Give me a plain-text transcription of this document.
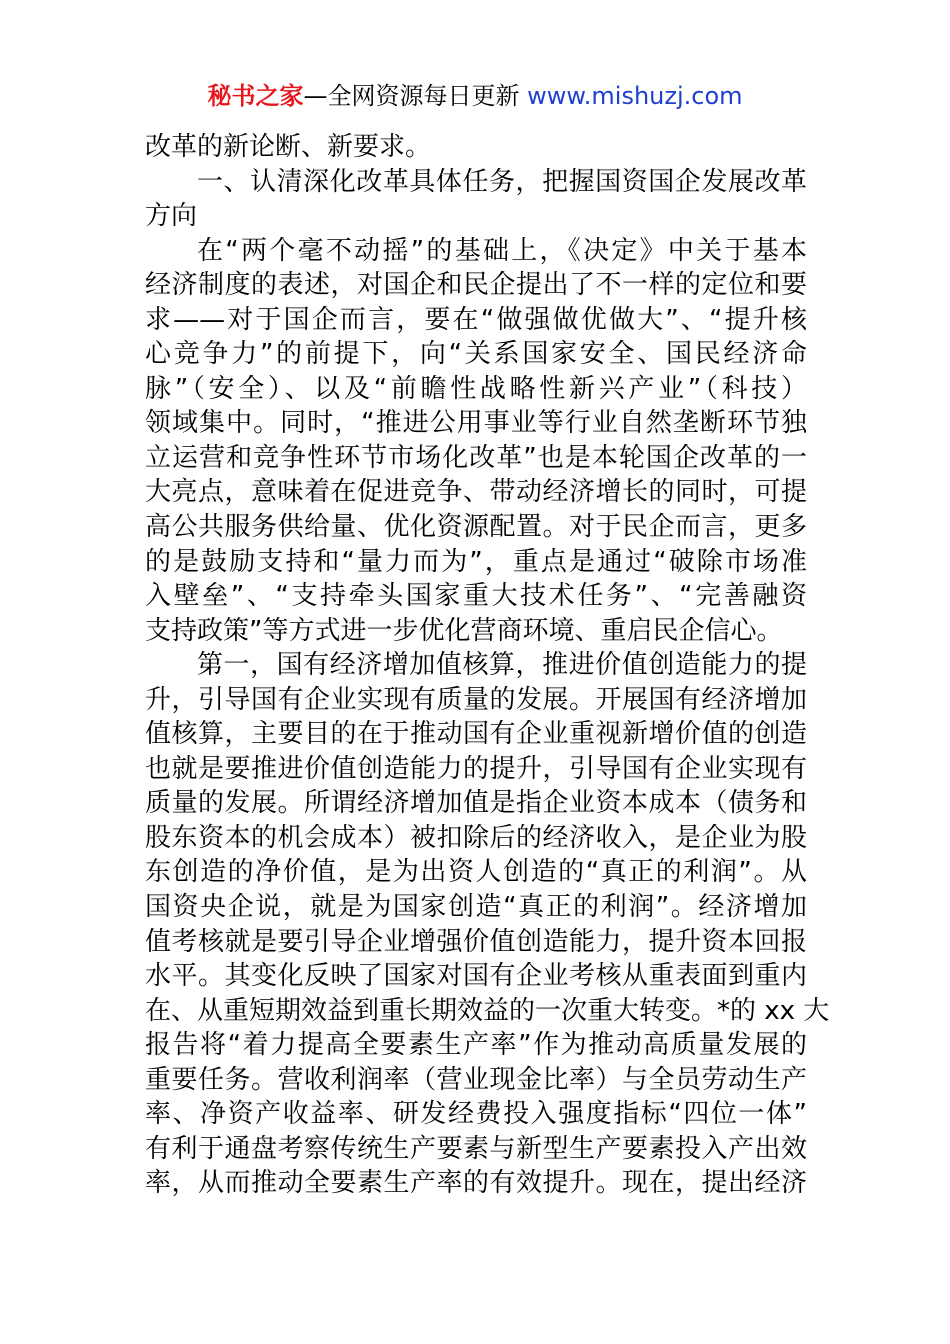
秘书之家—全网资源每日更新 www.mishuzj.com
改革的新论断、新要求。
一、认清深化改革具体任务，把握国资国企发展改革
方向
在“两个毫不动摇”的基础上，《决定》中关于基本
经济制度的表述，对国企和民企提出了不一样的定位和要
求——对于国企而言，要在“做强做优做大”、“提升核
心竞争力”的前提下，向“关系国家安全、国民经济命
脉”（安全）、以及“前瞻性战略性新兴产业”（科技）
领域集中。同时，“推进公用事业等行业自然垄断环节独
立运营和竞争性环节市场化改革”也是本轮国企改革的一
大亮点，意味着在促进竞争、带动经济增长的同时，可提
高公共服务供给量、优化资源配置。对于民企而言，更多
的是鼓励支持和“量力而为”，重点是通过“破除市场准
入壁垒”、“支持牵头国家重大技术任务”、“完善融资
支持政策”等方式进一步优化营商环境、重启民企信心。
第一，国有经济增加值核算，推进价值创造能力的提
升，引导国有企业实现有质量的发展。开展国有经济增加
值核算，主要目的在于推动国有企业重视新增价值的创造
也就是要推进价值创造能力的提升，引导国有企业实现有
质量的发展。所谓经济增加值是指企业资本成本（债务和
股东资本的机会成本）被扣除后的经济收入，是企业为股
东创造的净价值，是为出资人创造的“真正的利润”。从
国资央企说，就是为国家创造“真正的利润”。经济增加
值考核就是要引导企业增强价值创造能力，提升资本回报
水平。其变化反映了国家对国有企业考核从重表面到重内
在、从重短期效益到重长期效益的一次重大转变。*的 xx 大
报告将“着力提高全要素生产率”作为推动高质量发展的
重要任务。营收利润率（营业现金比率）与全员劳动生产
率、净资产收益率、研发经费投入强度指标“四位一体”
有利于通盘考察传统生产要素与新型生产要素投入产出效
率，从而推动全要素生产率的有效提升。现在，提出经济
